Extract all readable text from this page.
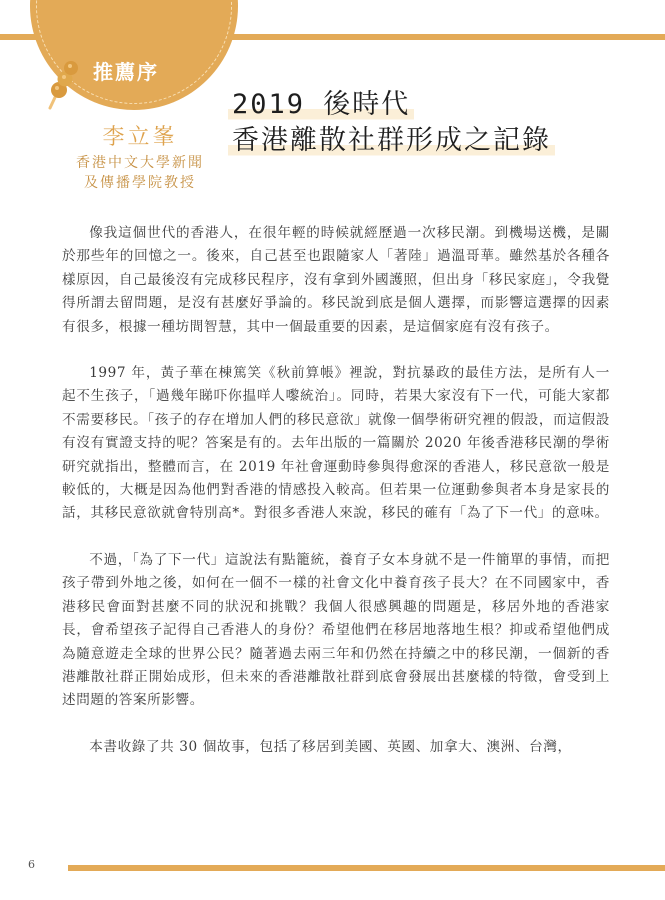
推薦序
李立峯
香港中文大學新聞
及傳播學院教授
2019 後時代
香港離散社群形成之記錄

像我這個世代的香港人，在很年輕的時候就經歷過一次移民潮。到機場送機，是關於那些年的回憶之一。後來，自己甚至也跟隨家人「著陸」過溫哥華。雖然基於各種各樣原因，自己最後沒有完成移民程序，沒有拿到外國護照，但出身「移民家庭」，令我覺得所謂去留問題，是沒有甚麼好爭論的。移民說到底是個人選擇，而影響這選擇的因素有很多，根據一種坊間智慧，其中一個最重要的因素，是這個家庭有沒有孩子。

1997 年，黃子華在棟篤笑《秋前算帳》裡說，對抗暴政的最佳方法，是所有人一起不生孩子，「過幾年睇吓你揾咩人嚟統治」。同時，若果大家沒有下一代，可能大家都不需要移民。「孩子的存在增加人們的移民意欲」就像一個學術研究裡的假設，而這假設有沒有實證支持的呢？答案是有的。去年出版的一篇關於 2020 年後香港移民潮的學術研究就指出，整體而言，在 2019 年社會運動時參與得愈深的香港人，移民意欲一般是較低的，大概是因為他們對香港的情感投入較高。但若果一位運動參與者本身是家長的話，其移民意欲就會特別高*。對很多香港人來說，移民的確有「為了下一代」的意味。

不過，「為了下一代」這說法有點籠統，養育子女本身就不是一件簡單的事情，而把孩子帶到外地之後，如何在一個不一樣的社會文化中養育孩子長大？在不同國家中，香港移民會面對甚麼不同的狀況和挑戰？我個人很感興趣的問題是，移居外地的香港家長，會希望孩子記得自己香港人的身份？希望他們在移居地落地生根？抑或希望他們成為隨意遊走全球的世界公民？隨著過去兩三年和仍然在持續之中的移民潮，一個新的香港離散社群正開始成形，但未來的香港離散社群到底會發展出甚麼樣的特徵，會受到上述問題的答案所影響。

本書收錄了共 30 個故事，包括了移居到美國、英國、加拿大、澳洲、台灣，

6
